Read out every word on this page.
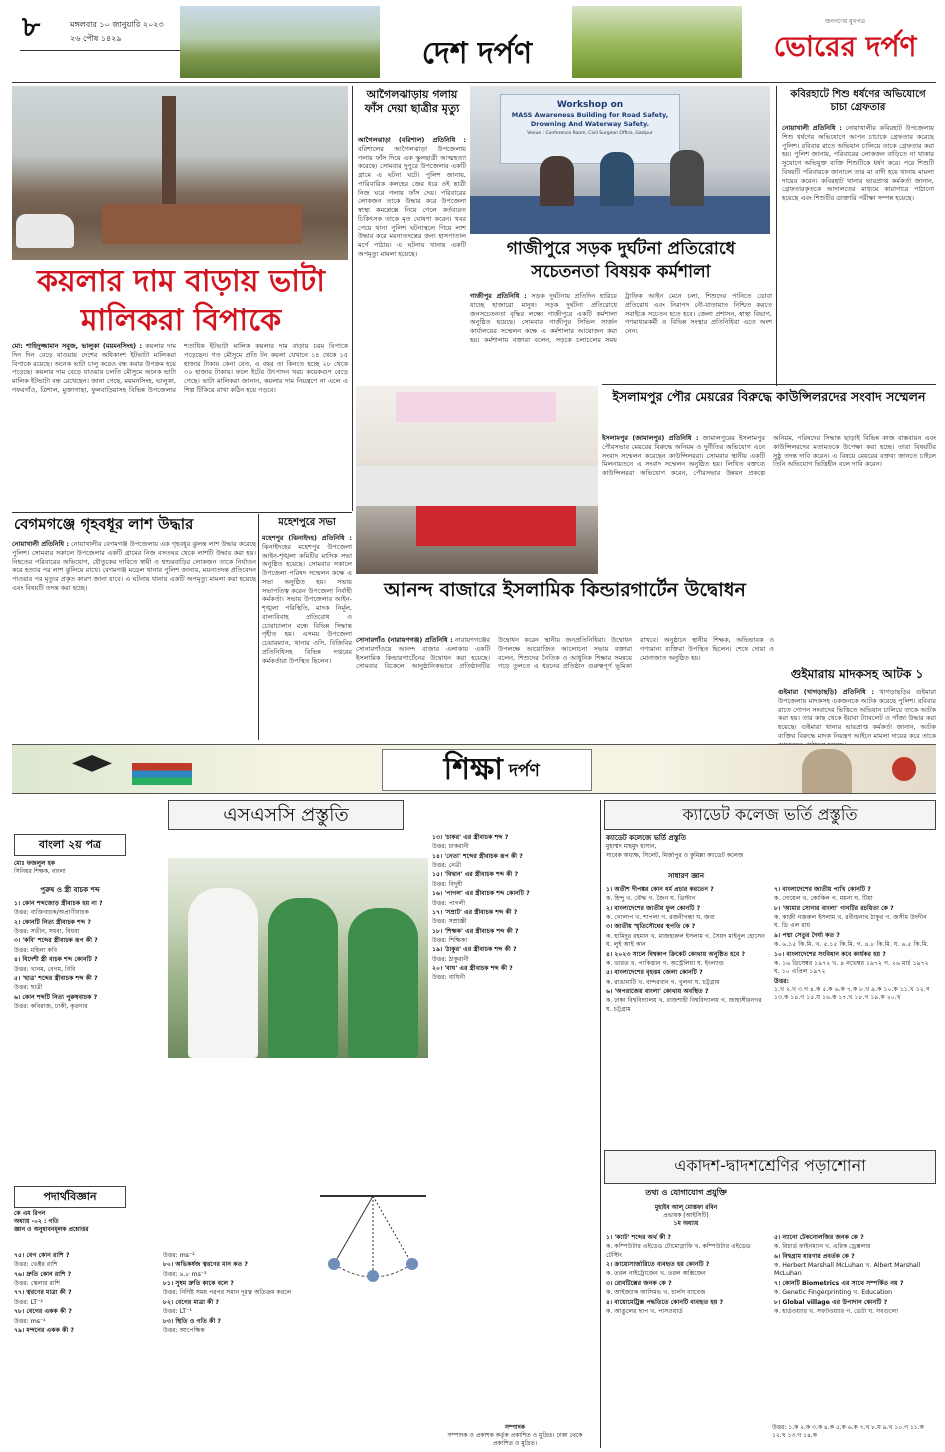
৮	মঙ্গলবার ১০ জানুয়ারি ২০২৩
২৬ পৌষ ১৪২৯	দেশ দর্পণ
জনগণের মুখপত্র
ভোরের দর্পণ
কয়লার দাম বাড়ায় ভাটা মালিকরা বিপাকে
মো: শাহিদুজ্জামান সবুজ, ভালুকা (ময়মনসিংহ) : কয়লার দাম দিন দিন বেড়ে যাওয়ায় দেশের অধিকাংশ ইটভাটা মালিকরা বিপাকে রয়েছে। অনেক ভাটা চালু করেও বন্ধ করার উপক্রম হয়ে পড়েছে। কয়লার দাম বেড়ে যাওয়ায় চলতি মৌসুমে অনেক ভাটা মালিক ইটভাটা বন্ধ রেখেছেন। জানা গেছে, ময়মনসিংহ, ভালুকা, গফরগাঁও, ত্রিশাল, মুক্তাগাছা, ফুলবাড়িয়াসহ বিভিন্ন উপজেলার শতাধিক ইটভাটা মালিক কয়লার দাম বাড়ায় চরম বিপাকে পড়েছেন। গত মৌসুমে প্রতি টন কয়লা যেখানে ১৪ থেকে ১৫ হাজার টাকায় কেনা যেত, এ বছর তা কিনতে হচ্ছে ২৮ থেকে ৩০ হাজার টাকায়। ফলে ইটের উৎপাদন খরচ কয়েকগুণ বেড়ে গেছে। ভাটা মালিকরা জানান, কয়লার দাম নিয়ন্ত্রণে না এলে এ শিল্প টিকিয়ে রাখা কঠিন হয়ে পড়বে।
আগৈলঝাড়ায় গলায় ফাঁস দেয়া ছাত্রীর মৃত্যু
আগৈলঝাড়া (বরিশাল) প্রতিনিধি : বরিশালের আগৈলঝাড়া উপজেলায় গলায় ফাঁস দিয়ে এক স্কুলছাত্রী আত্মহত্যা করেছে। সোমবার দুপুরে উপজেলার একটি গ্রামে এ ঘটনা ঘটে। পুলিশ জানায়, পারিবারিক কলহের জের ধরে ওই ছাত্রী নিজ ঘরে গলায় ফাঁস দেয়। পরিবারের লোকজন তাকে উদ্ধার করে উপজেলা স্বাস্থ্য কমপ্লেক্সে নিয়ে গেলে কর্তব্যরত চিকিৎসক তাকে মৃত ঘোষণা করেন। খবর পেয়ে থানা পুলিশ ঘটনাস্থলে গিয়ে লাশ উদ্ধার করে ময়নাতদন্তের জন্য হাসপাতাল মর্গে পাঠায়। এ ঘটনায় থানায় একটি অপমৃত্যু মামলা হয়েছে।
Workshop on
MASS Awareness Building for Road Safety,
Drowning And Waterway Safety.
Venue : Conference Room, Civil Surgeon Office, Gazipur
গাজীপুরে সড়ক দুর্ঘটনা প্রতিরোধে সচেতনতা বিষয়ক কর্মশালা
গাজীপুর প্রতিনিধি : সড়ক দুর্ঘটনায় প্রতিদিন হারিয়ে যাচ্ছে হাজারো মানুষ। সড়ক দুর্ঘটনা প্রতিরোধে জনসচেতনতা বৃদ্ধির লক্ষ্যে গাজীপুরে একটি কর্মশালা অনুষ্ঠিত হয়েছে। সোমবার গাজীপুর সিভিল সার্জন কার্যালয়ের সম্মেলন কক্ষে এ কর্মশালার আয়োজন করা হয়। কর্মশালায় বক্তারা বলেন, সড়কে চলাচলের সময় ট্রাফিক আইন মেনে চলা, শিশুদের পানিতে ডোবা প্রতিরোধ এবং নিরাপদ নৌ-যাতায়াত নিশ্চিত করতে সবাইকে সচেতন হতে হবে। জেলা প্রশাসন, স্বাস্থ্য বিভাগ, গণমাধ্যমকর্মী ও বিভিন্ন সংস্থার প্রতিনিধিরা এতে অংশ নেন।
কবিরহাটে শিশু ধর্ষণের অভিযোগে চাচা গ্রেফতার
নোয়াখালী প্রতিনিধি : নোয়াখালীর কবিরহাট উপজেলায় শিশু ধর্ষণের অভিযোগে আপন চাচাকে গ্রেফতার করেছে পুলিশ। রবিবার রাতে অভিযান চালিয়ে তাকে গ্রেফতার করা হয়। পুলিশ জানায়, পরিবারের লোকজন বাড়িতে না থাকার সুযোগে অভিযুক্ত ব্যক্তি শিশুটিকে ধর্ষণ করে। পরে শিশুটি বিষয়টি পরিবারকে জানালে তার মা বাদী হয়ে থানায় মামলা দায়ের করেন। কবিরহাট থানার ভারপ্রাপ্ত কর্মকর্তা জানান, গ্রেফতারকৃতকে আদালতের মাধ্যমে কারাগারে পাঠানো হয়েছে এবং শিশুটির ডাক্তারি পরীক্ষা সম্পন্ন হয়েছে।
বেগমগঞ্জে গৃহবধূর লাশ উদ্ধার
নোয়াখালী প্রতিনিধি : নোয়াখালীর বেগমগঞ্জ উপজেলায় এক গৃহবধূর ঝুলন্ত লাশ উদ্ধার করেছে পুলিশ। সোমবার সকালে উপজেলার একটি গ্রামের নিজ বসতঘর থেকে লাশটি উদ্ধার করা হয়। নিহতের পরিবারের অভিযোগ, যৌতুকের দাবিতে স্বামী ও শ্বশুরবাড়ির লোকজন তাকে নির্যাতন করে হত্যার পর লাশ ঝুলিয়ে রাখে। বেগমগঞ্জ মডেল থানার পুলিশ জানায়, ময়নাতদন্ত প্রতিবেদন পাওয়ার পর মৃত্যুর প্রকৃত কারণ জানা যাবে। এ ঘটনায় থানায় একটি অপমৃত্যু মামলা করা হয়েছে এবং বিষয়টি তদন্ত করা হচ্ছে।
মহেশপুরে সভা
মহেশপুর (ঝিনাইদহ) প্রতিনিধি : ঝিনাইদহের মহেশপুর উপজেলা আইন-শৃঙ্খলা কমিটির মাসিক সভা অনুষ্ঠিত হয়েছে। সোমবার সকালে উপজেলা পরিষদ সম্মেলন কক্ষে এ সভা অনুষ্ঠিত হয়। সভায় সভাপতিত্ব করেন উপজেলা নির্বাহী কর্মকর্তা। সভায় উপজেলার আইন-শৃঙ্খলা পরিস্থিতি, মাদক নির্মূল, বাল্যবিবাহ প্রতিরোধ ও চোরাচালান বন্ধে বিভিন্ন সিদ্ধান্ত গৃহীত হয়। এসময় উপজেলা চেয়ারম্যান, থানার ওসি, বিজিবির প্রতিনিধিসহ বিভিন্ন দপ্তরের কর্মকর্তারা উপস্থিত ছিলেন।
আনন্দ বাজারে ইসলামিক কিন্ডারগার্টেন উদ্বোধন
সোনারগাঁও (নারায়ণগঞ্জ) প্রতিনিধি : নারায়ণগঞ্জের সোনারগাঁওয়ে আনন্দ বাজার এলাকায় একটি ইসলামিক কিন্ডারগার্টেনের উদ্বোধন করা হয়েছে। সোমবার বিকেলে আনুষ্ঠানিকভাবে প্রতিষ্ঠানটির উদ্বোধন করেন স্থানীয় জনপ্রতিনিধিরা। উদ্বোধন উপলক্ষে আয়োজিত আলোচনা সভায় বক্তারা বলেন, শিশুদের নৈতিক ও আধুনিক শিক্ষার সমন্বয়ে গড়ে তুলতে এ ধরনের প্রতিষ্ঠান গুরুত্বপূর্ণ ভূমিকা রাখবে। অনুষ্ঠানে স্থানীয় শিক্ষক, অভিভাবক ও গণ্যমান্য ব্যক্তিরা উপস্থিত ছিলেন। শেষে দোয়া ও মোনাজাত অনুষ্ঠিত হয়।
ইসলামপুর পৌর মেয়রের বিরুদ্ধে কাউন্সিলরদের সংবাদ সম্মেলন
ইসলামপুর (জামালপুর) প্রতিনিধি : জামালপুরের ইসলামপুর পৌরসভার মেয়রের বিরুদ্ধে অনিয়ম ও দুর্নীতির অভিযোগ এনে সংবাদ সম্মেলন করেছেন কাউন্সিলররা। সোমবার স্থানীয় একটি মিলনায়তনে এ সংবাদ সম্মেলন অনুষ্ঠিত হয়। লিখিত বক্তব্যে কাউন্সিলররা অভিযোগ করেন, পৌরসভার উন্নয়ন প্রকল্পে অনিয়ম, পরিষদের সিদ্ধান্ত ছাড়াই বিভিন্ন কাজ বাস্তবায়ন এবং কাউন্সিলরদের মতামতকে উপেক্ষা করা হচ্ছে। তারা বিষয়টির সুষ্ঠু তদন্ত দাবি করেন। এ বিষয়ে মেয়রের বক্তব্য জানতে চাইলে তিনি অভিযোগ ভিত্তিহীন বলে দাবি করেন।
গুইমারায় মাদকসহ আটক ১
গুইমারা (খাগড়াছড়ি) প্রতিনিধি : খাগড়াছড়ির গুইমারা উপজেলায় মাদকসহ একজনকে আটক করেছে পুলিশ। রবিবার রাতে গোপন সংবাদের ভিত্তিতে অভিযান চালিয়ে তাকে আটক করা হয়। তার কাছ থেকে ইয়াবা ট্যাবলেট ও গাঁজা উদ্ধার করা হয়েছে। গুইমারা থানার ভারপ্রাপ্ত কর্মকর্তা জানান, আটক ব্যক্তির বিরুদ্ধে মাদক নিয়ন্ত্রণ আইনে মামলা দায়ের করে তাকে
শিক্ষা দর্পণ
এসএসসি প্রস্তুতি
বাংলা ২য় পত্র
মোঃ ফজলুল হক
সিনিয়র শিক্ষক, বাংলা
পুরুষ ও স্ত্রী বাচক শব্দ
১। কোন শব্দজোড় স্ত্রীবাচক হয় না ?
উত্তর: ব্যক্তিবাচক/অপ্রাণীবাচক
২। কোনটি নিত্য স্ত্রীবাচক শব্দ ?
উত্তর: সতীন, সধবা, বিধবা
৩। 'কবি' শব্দের স্ত্রীবাচক রূপ কী ?
উত্তর: মহিলা কবি
৪। বিদেশী স্ত্রী বাচক শব্দ কোনটি ?
উত্তর: খানম, বেগম, বিবি
৫। 'ছাত্র' শব্দের স্ত্রীবাচক শব্দ কী ?
উত্তর: ছাত্রী
৬। কোন শব্দটি নিত্য পুরুষবাচক ?
উত্তর: কবিরাজ, ঢাকী, কৃতদার
১৩। 'চাকর' এর স্ত্রীবাচক শব্দ ?
উত্তর: চাকরানী
১৪। 'নেতা' শব্দের স্ত্রীবাচক রূপ কী ?
উত্তর: নেত্রী
১৫। 'বিদ্বান' এর স্ত্রীবাচক শব্দ কী ?
উত্তর: বিদুষী
১৬। 'পাগল' এর স্ত্রীবাচক শব্দ কোনটি ?
উত্তর: পাগলী
১৭। 'সম্রাট' এর স্ত্রীবাচক শব্দ কী ?
উত্তর: সম্রাজ্ঞী
১৮। 'শিক্ষক' এর স্ত্রীবাচক শব্দ কী ?
উত্তর: শিক্ষিকা
১৯। 'ঠাকুর' এর স্ত্রীবাচক শব্দ কী ?
উত্তর: ঠাকুরানী
২০। 'বাঘ' এর স্ত্রীবাচক শব্দ কী ?
উত্তর: বাঘিনী
পদার্থবিজ্ঞান
কে এম রিপন
অধ্যায় -০২ : গতি
জ্ঞান ও অনুধাবনমূলক প্রশ্নোত্তর
৭৫। বেগ কোন রাশি ?
উত্তর: ভেক্টর রাশি
৭৬। দ্রুতি কোন রাশি ?
উত্তর: স্কেলার রাশি
৭৭। ত্বরণের মাত্রা কী ?
উত্তর: LT⁻²
৭৮। বেগের একক কী ?
উত্তর: ms⁻¹
৭৯। মন্দনের একক কী ?
উত্তর: ms⁻²
৮০। অভিকর্ষজ ত্বরণের মান কত ?
উত্তর: ৯.৮ ms⁻²
৮১। সুষম দ্রুতি কাকে বলে ?
উত্তর: নির্দিষ্ট সময় পরপর সমান দূরত্ব অতিক্রম করলে
৮২। বেগের মাত্রা কী ?
উত্তর: LT⁻¹
৮৩। স্থিতি ও গতি কী ?
উত্তর: আপেক্ষিক
ক্যাডেট কলেজ ভর্তি প্রস্তুতি
ক্যাডেট কলেজে ভর্তি প্রস্তুতি
মুহাম্মদ মাহমুদ হাসান,
সাবেক অধ্যক্ষ, সিলেট, মির্জাপুর ও কুমিল্লা ক্যাডেট কলেজ
সাধারণ জ্ঞান
১। অতীশ দীপঙ্কর কোন ধর্ম প্রচার করতেন ?
ক. হিন্দু খ. বৌদ্ধ গ. জৈন ঘ. খ্রিস্টান
২। বাংলাদেশের জাতীয় ফুল কোনটি ?
ক. গোলাপ খ. শাপলা গ. রজনীগন্ধা ঘ. জবা
৩। জাতীয় স্মৃতিসৌধের স্থপতি কে ?
ক. হামিদুর রহমান খ. মাজহারুল ইসলাম গ. সৈয়দ মাইনুল হোসেন ঘ. লুই আই কান
৪। ২০২৩ সালে বিশ্বকাপ ক্রিকেট কোথায় অনুষ্ঠিত হবে ?
ক. ভারত খ. পাকিস্তান গ. অস্ট্রেলিয়া ঘ. ইংল্যান্ড
৫। বাংলাদেশের বৃহত্তম জেলা কোনটি ?
ক. রাঙামাটি খ. বান্দরবান গ. খুলনা ঘ. চট্টগ্রাম
৬। 'অপরাজেয় বাংলা' কোথায় অবস্থিত ?
ক. ঢাকা বিশ্ববিদ্যালয় খ. রাজশাহী বিশ্ববিদ্যালয় গ. জাহাঙ্গীরনগর ঘ. চট্টগ্রাম
৭। বাংলাদেশের জাতীয় পাখি কোনটি ?
ক. দোয়েল খ. কোকিল গ. ময়না ঘ. টিয়া
৮। 'আমার সোনার বাংলা' গানটির রচয়িতা কে ?
ক. কাজী নজরুল ইসলাম খ. রবীন্দ্রনাথ ঠাকুর গ. জসীম উদদীন ঘ. ডি এল রায়
৯। পদ্মা সেতুর দৈর্ঘ্য কত ?
ক. ৬.১৫ কি.মি. খ. ৫.১৫ কি.মি. গ. ৪.৮ কি.মি. ঘ. ৬.৫ কি.মি.
১০। বাংলাদেশের সংবিধান কবে কার্যকর হয় ?
ক. ১৬ ডিসেম্বর ১৯৭২ খ. ৪ নভেম্বর ১৯৭২ গ. ২৬ মার্চ ১৯৭২ ঘ. ১০ এপ্রিল ১৯৭২
উত্তর:
১.খ ২.খ ৩.গ ৪.ক ৫.ক ৬.ক ৭.ক ৮.খ ৯.ক ১০.ক ১১.খ ১২.গ ১৩.ক ১৪.গ ১৫.ঘ ১৬.ক ১৭.খ ১৮.গ ১৯.ক ২০.খ
একাদশ-দ্বাদশশ্রেণির পড়াশোনা
তথ্য ও যোগাযোগ প্রযুক্তি
মুহাইব আল্ মোস্তফা রবিন
প্রভাষক (আইসিটি)
১ম অধ্যায়
১। 'ক্যাট' শব্দের অর্থ কী ?
ক. কম্পিউটার এইডেড টোমোগ্রাফি খ. কম্পিউটার এইডেড টেস্টিং
২। ক্রায়োসার্জারিতে ব্যবহৃত হয় কোনটি ?
ক. তরল নাইট্রোজেন খ. তরল অক্সিজেন
৩। রোবটিক্সের জনক কে ?
ক. আইজ্যাক আসিমভ খ. চার্লস ব্যাবেজ
৪। বায়োমেট্রিক্স পদ্ধতিতে কোনটি ব্যবহৃত হয় ?
ক. আঙুলের ছাপ খ. পাসওয়ার্ড
৫। ন্যানো টেকনোলজির জনক কে ?
ক. রিচার্ড ফাইনম্যান খ. এরিক ড্রেক্সলার
৬। বিশ্বগ্রাম ধারণার প্রবর্তক কে ?
ক. Herbert Marshall McLuhan খ. Albert Marshall McLuhan
৭। কোনটি Biometrics এর সাথে সম্পর্কিত নয় ?
ক. Genetic Fingerprinting খ. Education
৮। Global village এর উপাদান কোনটি ?
ক. হার্ডওয়্যার খ. সফটওয়্যার গ. ডেটা ঘ. সবগুলো
উত্তর: ১.ক ২.ক ৩.ক ৪.ক ৫.ক ৬.ক ৭.খ ৮.ঘ ৯.খ ১০.গ ১১.ক ১২.খ ১৩.গ ১৪.ক
সম্পাদক
সম্পাদক ও প্রকাশক কর্তৃক প্রকাশিত ও মুদ্রিত। ঢাকা থেকে প্রকাশিত ও মুদ্রিত।
